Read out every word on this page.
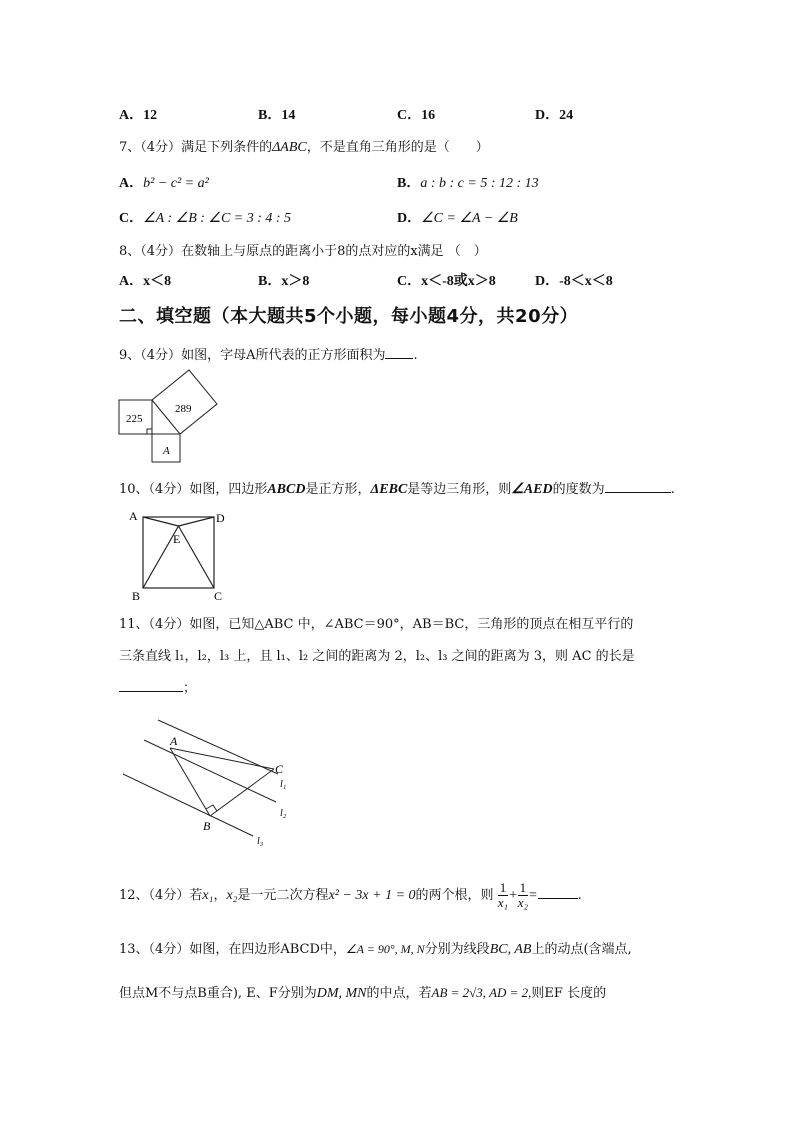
A．12	B．14	C．16	D．24
7、（4分）满足下列条件的ΔABC，不是直角三角形的是（　　）
A．b² − c² = a²	B．a : b : c = 5 : 12 : 13
C．∠A : ∠B : ∠C = 3 : 4 : 5	D．∠C = ∠A − ∠B
8、（4分）在数轴上与原点的距离小于8的点对应的x满足 （　）
A．x＜8	B．x＞8	C．x＜-8或x＞8	D．-8＜x＜8
二、填空题（本大题共5个小题，每小题4分，共20分）
9、（4分）如图，字母A所代表的正方形面积为 .
225
289
A
10、（4分）如图，四边形ABCD是正方形，ΔEBC是等边三角形，则∠AED的度数为	.
A	D
E
B	C
11、（4分）如图，已知△ABC 中，∠ABC＝90°，AB＝BC，三角形的顶点在相互平行的
三条直线 l₁，l₂，l₃ 上，且 l₁、l₂ 之间的距离为 2，l₂、l₃ 之间的距离为 3，则 AC 的长是
；
A
C
B
l₁
l₂
l₃
12、（4分）若x₁，x₂是一元二次方程x² − 3x + 1 = 0的两个根，则 $\frac{1}{\text{x₁}} + \frac{1}{\text{x₂}}$ =	.
13、（4分）如图，在四边形ABCD中，∠A = 90°, M, N分别为线段BC, AB上的动点(含端点,
但点M不与点B重合), E、F分别为DM, MN的中点，若AB = 2√3, AD = 2,则EF 长度的
